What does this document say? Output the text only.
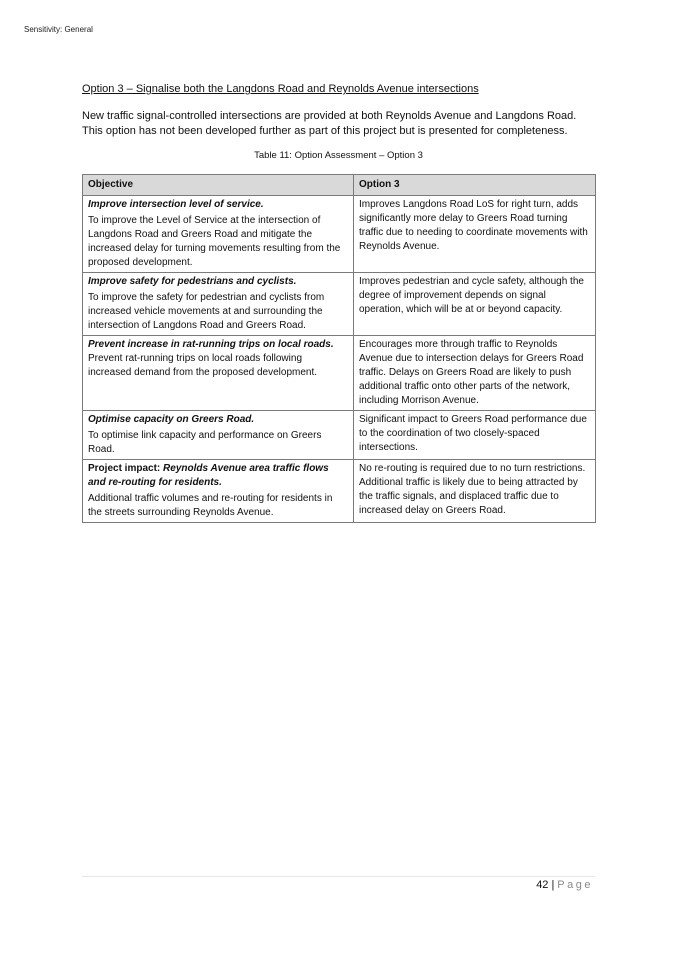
Sensitivity: General

Option 3 – Signalise both the Langdons Road and Reynolds Avenue intersections

New traffic signal-controlled intersections are provided at both Reynolds Avenue and Langdons Road. This option has not been developed further as part of this project but is presented for completeness.

Table 11: Option Assessment – Option 3

Objective	Option 3

Improve intersection level of service.
To improve the Level of Service at the intersection of Langdons Road and Greers Road and mitigate the increased delay for turning movements resulting from the proposed development.	Improves Langdons Road LoS for right turn, adds significantly more delay to Greers Road turning traffic due to needing to coordinate movements with Reynolds Avenue.

Improve safety for pedestrians and cyclists.
To improve the safety for pedestrian and cyclists from increased vehicle movements at and surrounding the intersection of Langdons Road and Greers Road.	Improves pedestrian and cycle safety, although the degree of improvement depends on signal operation, which will be at or beyond capacity.

Prevent increase in rat-running trips on local roads.
Prevent rat-running trips on local roads following increased demand from the proposed development.	Encourages more through traffic to Reynolds Avenue due to intersection delays for Greers Road traffic. Delays on Greers Road are likely to push additional traffic onto other parts of the network, including Morrison Avenue.

Optimise capacity on Greers Road.
To optimise link capacity and performance on Greers Road.	Significant impact to Greers Road performance due to the coordination of two closely-spaced intersections.

Project impact: Reynolds Avenue area traffic flows and re-routing for residents.
Additional traffic volumes and re-routing for residents in the streets surrounding Reynolds Avenue.	No re-routing is required due to no turn restrictions. Additional traffic is likely due to being attracted by the traffic signals, and displaced traffic due to increased delay on Greers Road.
42 | Page
